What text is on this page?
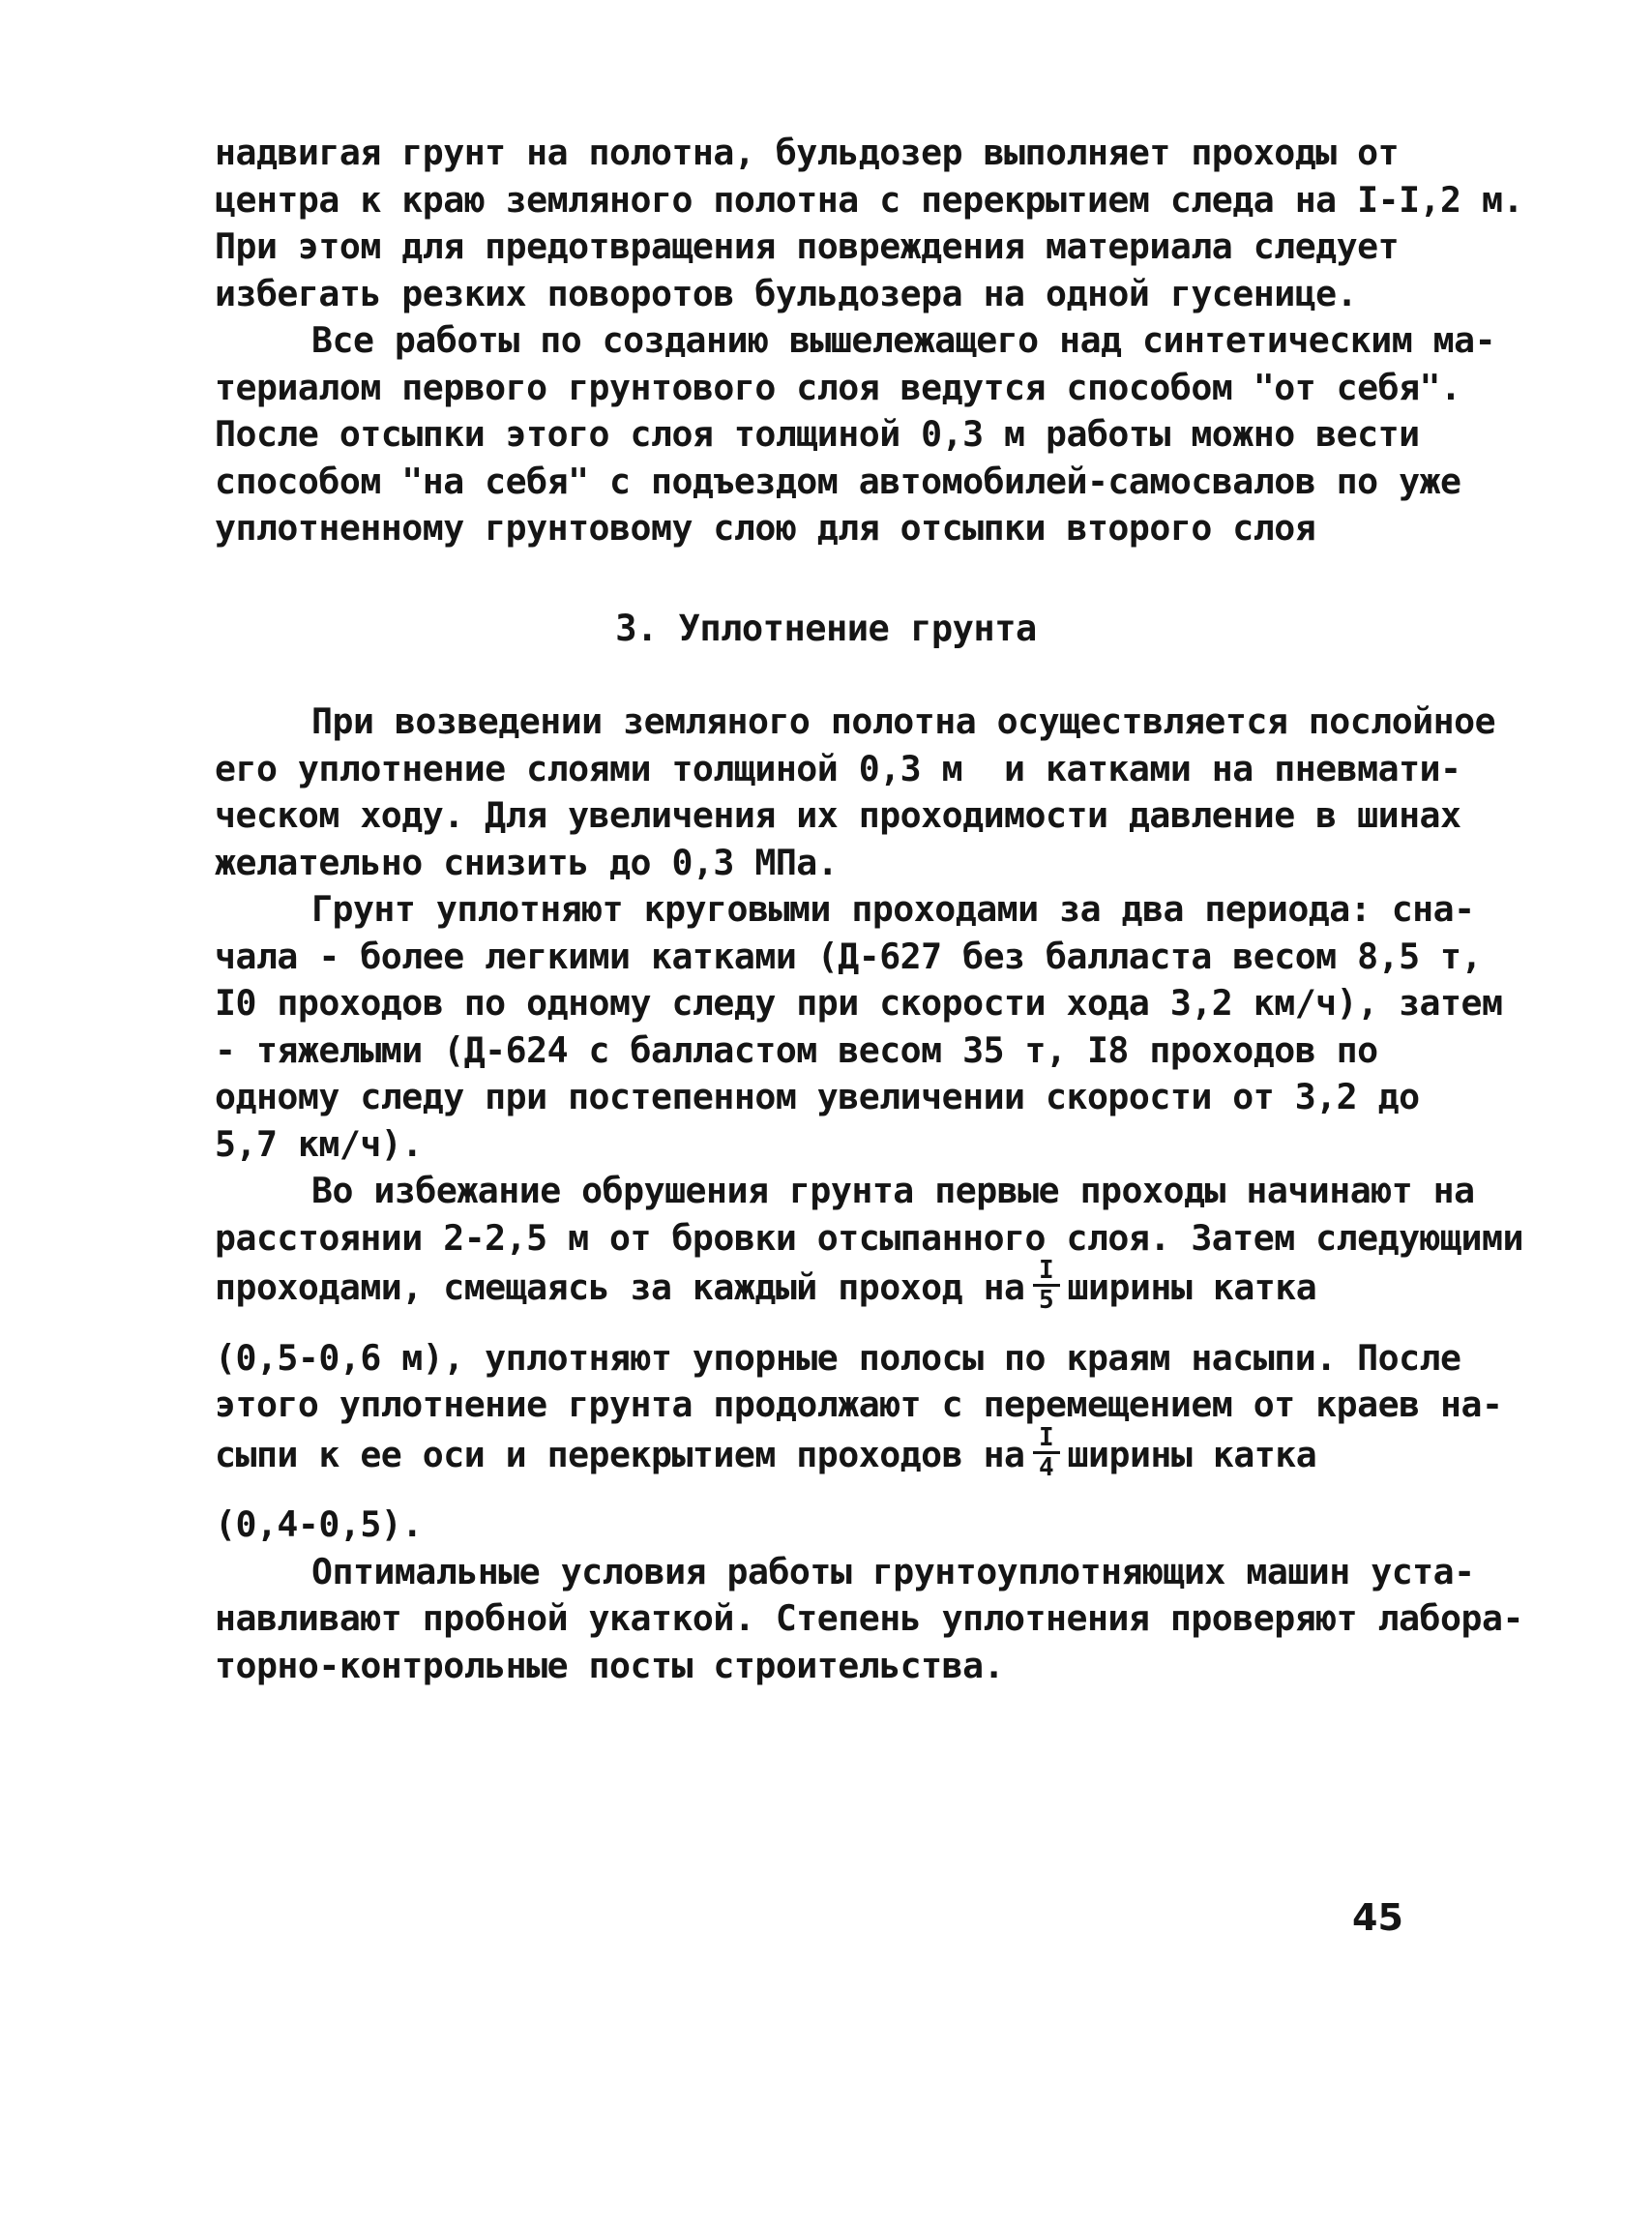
надвигая грунт на полотна, бульдозер выполняет проходы от
центра к краю земляного полотна с перекрытием следа на I-I,2 м.
При этом для предотвращения повреждения материала следует
избегать резких поворотов бульдозера на одной гусенице.
Все работы по созданию вышележащего над синтетическим ма-
териалом первого грунтового слоя ведутся способом "от себя".
После отсыпки этого слоя толщиной 0,3 м работы можно вести
способом "на себя" с подъездом автомобилей-самосвалов по уже
уплотненному грунтовому слою для отсыпки второго слоя
3. Уплотнение грунта
При возведении земляного полотна осуществляется послойное
его уплотнение слоями толщиной 0,3 м  и катками на пневмати-
ческом ходу. Для увеличения их проходимости давление в шинах
желательно снизить до 0,3 МПа.
Грунт уплотняют круговыми проходами за два периода: сна-
чала - более легкими катками (Д-627 без балласта весом 8,5 т,
I0 проходов по одному следу при скорости хода 3,2 км/ч), затем
- тяжелыми (Д-624 с балластом весом 35 т, I8 проходов по
одному следу при постепенном увеличении скорости от 3,2 до
5,7 км/ч).
Во избежание обрушения грунта первые проходы начинают на
расстоянии 2-2,5 м от бровки отсыпанного слоя. Затем следующими
проходами, смещаясь за каждый проход на $\frac{I}{5}$ ширины катка
(0,5-0,6 м), уплотняют упорные полосы по краям насыпи. После
этого уплотнение грунта продолжают с перемещением от краев на-
сыпи к ее оси и перекрытием проходов на $\frac{I}{4}$ ширины катка
(0,4-0,5).
Оптимальные условия работы грунтоуплотняющих машин уста-
навливают пробной укаткой. Степень уплотнения проверяют лабора-
торно-контрольные посты строительства.
45
